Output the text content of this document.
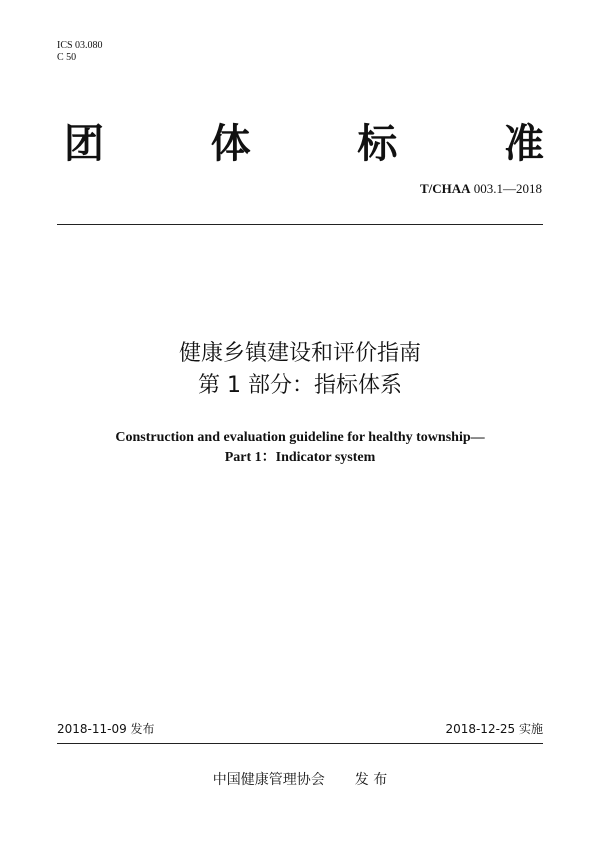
ICS 03.080
C 50
团	体	标	准
T/CHAA 003.1—2018
健康乡镇建设和评价指南
第 1 部分：指标体系
Construction and evaluation guideline for healthy township—
Part 1：Indicator system
2018-11-09 发布	2018-12-25 实施
中国健康管理协会 发 布
